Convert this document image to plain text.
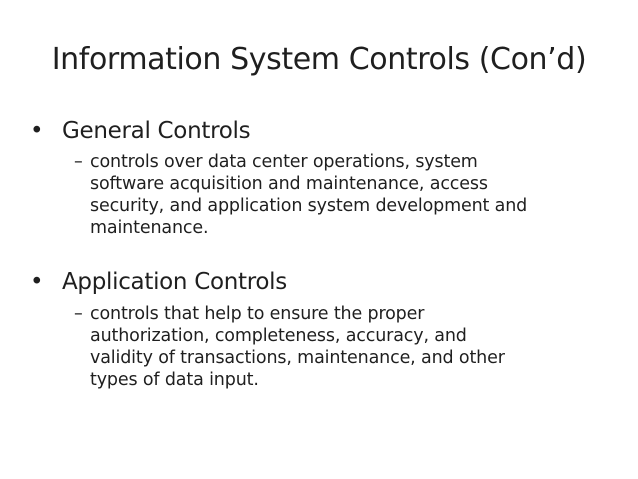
Information System Controls (Con’d)
• General Controls
– controls over data center operations, system
software acquisition and maintenance, access
security, and application system development and
maintenance.
• Application Controls
– controls that help to ensure the proper
authorization, completeness, accuracy, and
validity of transactions, maintenance, and other
types of data input.
